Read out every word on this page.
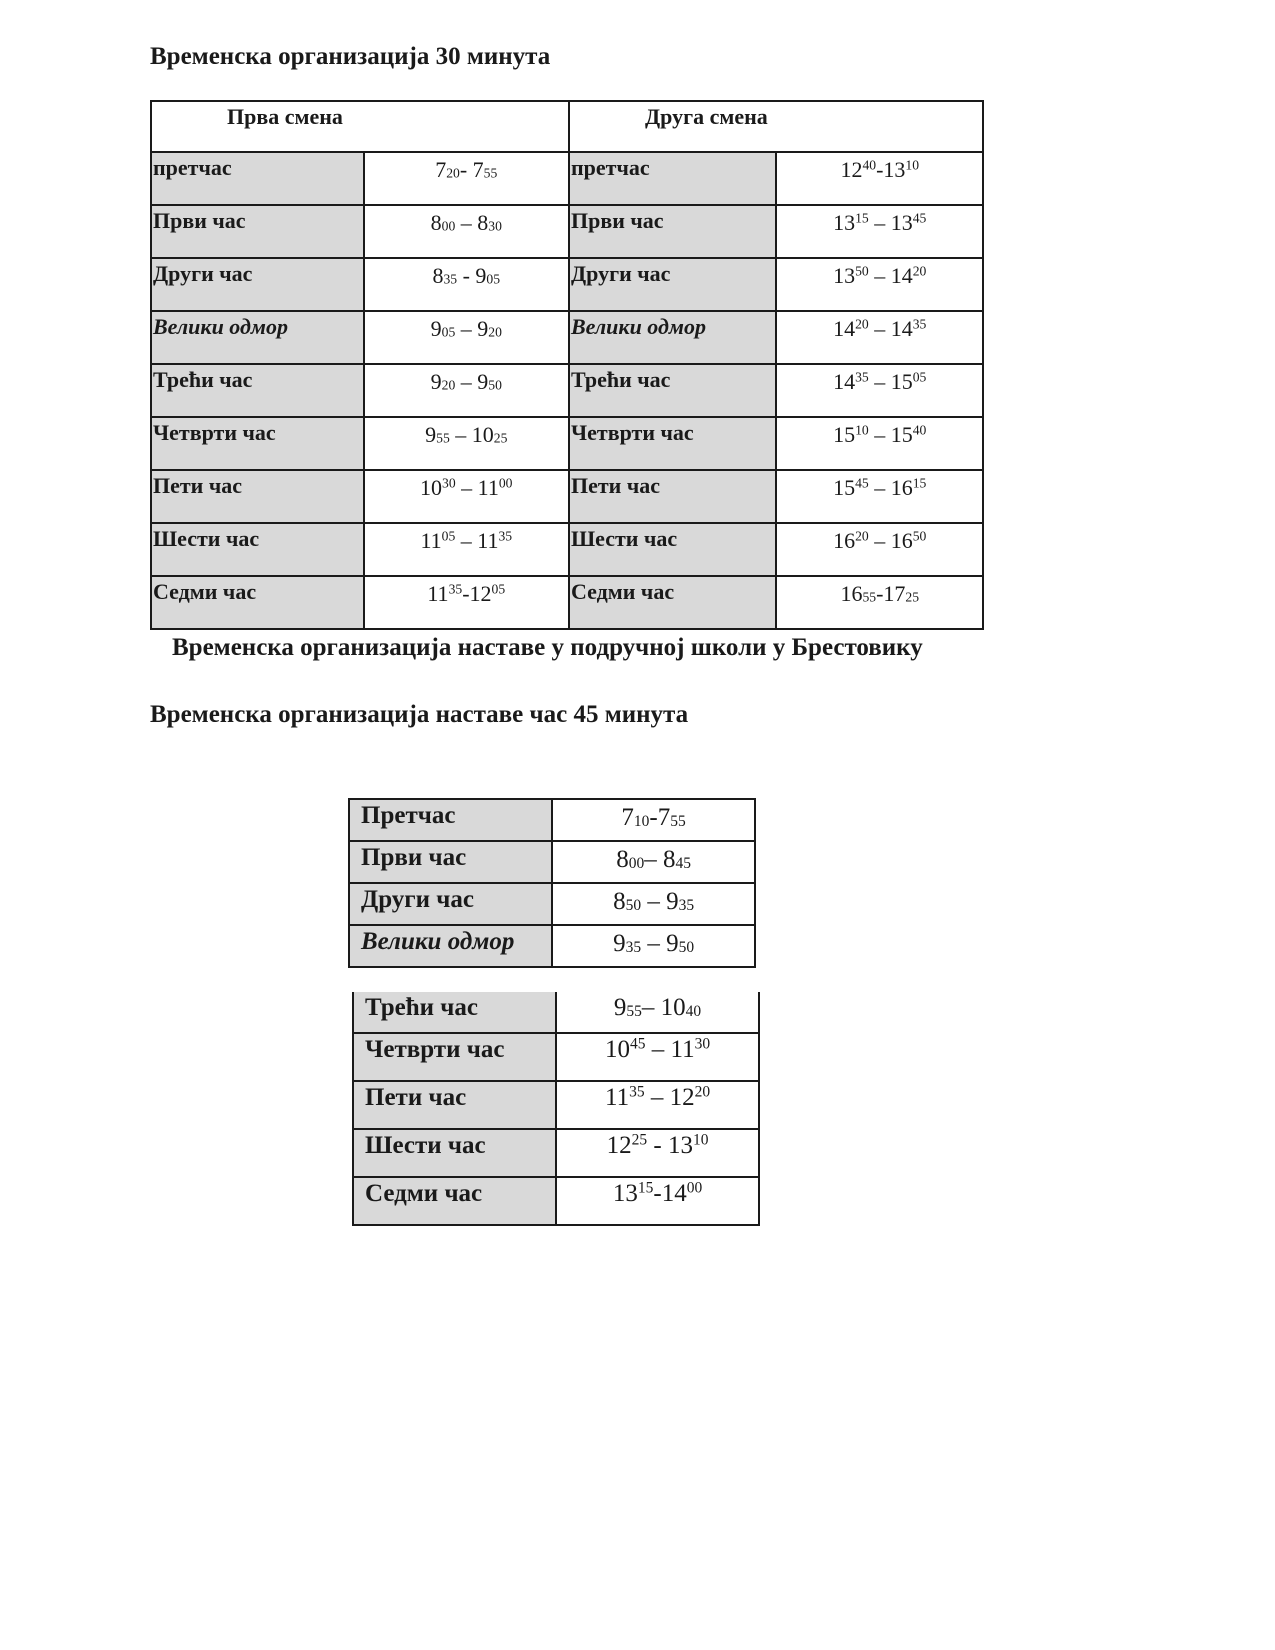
Временска организација 30 минута
Прва смена		Друга смена	
претчас	$7_{20}-$ $7_{55}$	претчас	$12^{40}-13^{10}$
Први час	$8_{00} - 8_{30}$	Први час	$13^{15} - 13^{45}$
Други час	$8_{35} - 9_{05}$	Други час	$13^{50} - 14^{20}$
Велики одмор	$9_{05} - 9_{20}$	Велики одмор	$14^{20} - 14^{35}$
Трећи час	$9_{20} - 9_{50}$	Трећи час	$14^{35} - 15^{05}$
Четврти час	$9_{55} - 10_{25}$	Четврти час	$15^{10} - 15^{40}$
Пети час	$10^{30} - 11^{00}$	Пети час	$15^{45} - 16^{15}$
Шести час	$11^{05} - 11^{35}$	Шести час	$16^{20} - 16^{50}$
Седми час	$11^{35}-12^{05}$	Седми час	$16_{55}-17_{25}$
Временска организација наставе у подручној школи у Брестовику
Временска организација наставе час 45 минута
Претчас	$7_{10}-7_{55}$
Први час	$8_{00}-$ $8_{45}$
Други час	$8_{50} - 9_{35}$
Велики одмор	$9_{35} - 9_{50}$
Трећи час	$9_{55}-$ $10_{40}$
Четврти час	$10^{45} - 11^{30}$
Пети час	$11^{35} - 12^{20}$
Шести час	$12^{25} - 13^{10}$
Седми час	$13^{15}-14^{00}$
